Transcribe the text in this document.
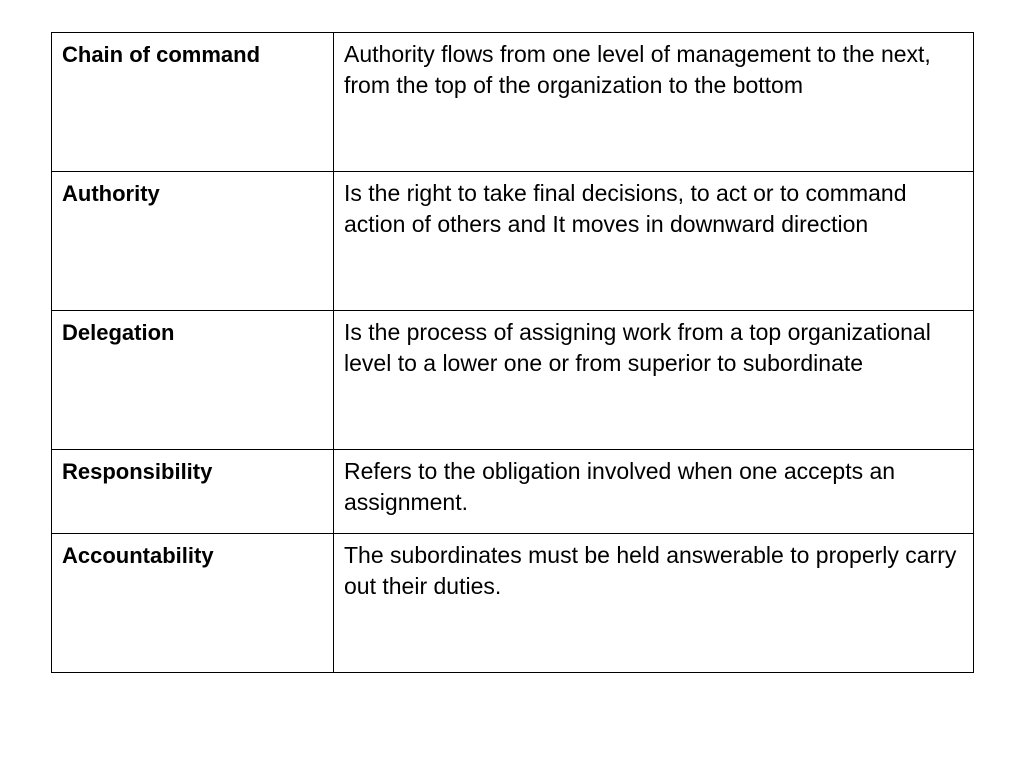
Chain of command	Authority flows from one level of management to the next, from the top of the organization to the bottom
Authority	Is the right to take final decisions, to act or to command action of others and It moves in downward direction
Delegation	Is the process of assigning work from a top organizational level to a lower one or from superior to subordinate
Responsibility	Refers to the obligation involved when one accepts an assignment.
Accountability	The subordinates must be held answerable to properly carry out their duties.
